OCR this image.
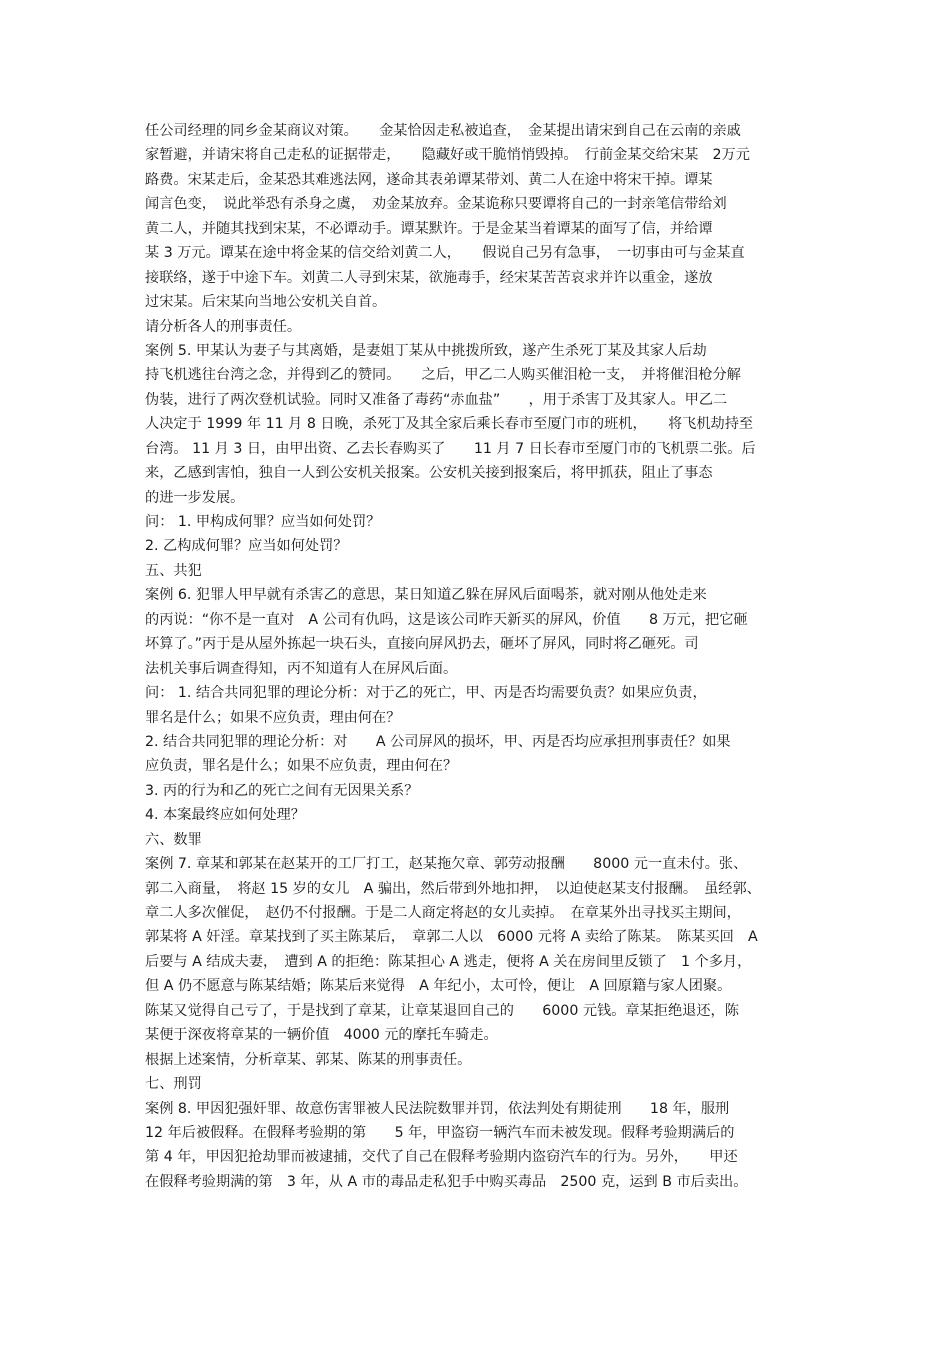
任公司经理的同乡金某商议对策。　　金某恰因走私被追查，　金某提出请宋到自己在云南的亲戚
家暂避，并请宋将自己走私的证据带走，　　隐藏好或干脆悄悄毁掉。　行前金某交给宋某　2万元
路费。宋某走后，金某恐其难逃法网，遂命其表弟谭某带刘、黄二人在途中将宋干掉。谭某
闻言色变，　说此举恐有杀身之虞，　劝金某放弃。金某诡称只要谭将自己的一封亲笔信带给刘
黄二人，并随其找到宋某，不必谭动手。谭某默许。于是金某当着谭某的面写了信，并给谭
某 3 万元。谭某在途中将金某的信交给刘黄二人，　　假说自己另有急事，　一切事由可与金某直
接联络，遂于中途下车。刘黄二人寻到宋某，欲施毒手，经宋某苦苦哀求并许以重金，遂放
过宋某。后宋某向当地公安机关自首。
请分析各人的刑事责任。
案例 5. 甲某认为妻子与其离婚，是妻姐丁某从中挑拨所致，遂产生杀死丁某及其家人后劫
持飞机逃往台湾之念，并得到乙的赞同。　　之后，甲乙二人购买催泪枪一支，　并将催泪枪分解
伪装，进行了两次登机试验。同时又准备了毒药“赤血盐”　　，用于杀害丁及其家人。甲乙二
人决定于 1999 年 11 月 8 日晚，杀死丁及其全家后乘长春市至厦门市的班机，　　将飞机劫持至
台湾。 11 月 3 日，由甲出资、乙去长春购买了　　11 月 7 日长春市至厦门市的飞机票二张。后
来，乙感到害怕，独自一人到公安机关报案。公安机关接到报案后，将甲抓获，阻止了事态
的进一步发展。
问： 1. 甲构成何罪？应当如何处罚？
2. 乙构成何罪？应当如何处罚？
五、共犯
案例 6. 犯罪人甲早就有杀害乙的意思，某日知道乙躲在屏风后面喝茶，就对刚从他处走来
的丙说：“你不是一直对　A 公司有仇吗，这是该公司昨天新买的屏风，价值　　8 万元，把它砸
坏算了。”丙于是从屋外拣起一块石头，直接向屏风扔去，砸坏了屏风，同时将乙砸死。司
法机关事后调查得知，丙不知道有人在屏风后面。
问： 1. 结合共同犯罪的理论分析：对于乙的死亡，甲、丙是否均需要负责？如果应负责，
罪名是什么；如果不应负责，理由何在？
2. 结合共同犯罪的理论分析：对　　A 公司屏风的损坏，甲、丙是否均应承担刑事责任？如果
应负责，罪名是什么；如果不应负责，理由何在？
3. 丙的行为和乙的死亡之间有无因果关系？
4. 本案最终应如何处理？
六、数罪
案例 7. 章某和郭某在赵某开的工厂打工，赵某拖欠章、郭劳动报酬　　8000 元一直未付。张、
郭二入商量，　将赵 15 岁的女儿　A 骗出，然后带到外地扣押，　以迫使赵某支付报酬。　虽经郭、
章二人多次催促，　赵仍不付报酬。于是二人商定将赵的女儿卖掉。　在章某外出寻找买主期间，
郭某将 A 奸淫。章某找到了买主陈某后，　章郭二人以　6000 元将 A 卖给了陈某。　陈某买回　A
后要与 A 结成夫妻，　遭到 A 的拒绝：陈某担心 A 逃走，便将 A 关在房间里反锁了　1 个多月，
但 A 仍不愿意与陈某结婚；陈某后来觉得　A 年纪小，太可怜，便让　A 回原籍与家人团聚。
陈某又觉得自己亏了，于是找到了章某，让章某退回自己的　　6000 元钱。章某拒绝退还，陈
某便于深夜将章某的一辆价值　4000 元的摩托车骑走。
根据上述案情，分析章某、郭某、陈某的刑事责任。
七、刑罚
案例 8. 甲因犯强奸罪、故意伤害罪被人民法院数罪并罚，依法判处有期徒刑　　18 年，服刑
12 年后被假释。在假释考验期的第　　5 年，甲盗窃一辆汽车而未被发现。假释考验期满后的
第 4 年，甲因犯抢劫罪而被逮捕，交代了自己在假释考验期内盗窃汽车的行为。另外，　　甲还
在假释考验期满的第　3 年，从 A 市的毒品走私犯手中购买毒品　2500 克，运到 B 市后卖出。
